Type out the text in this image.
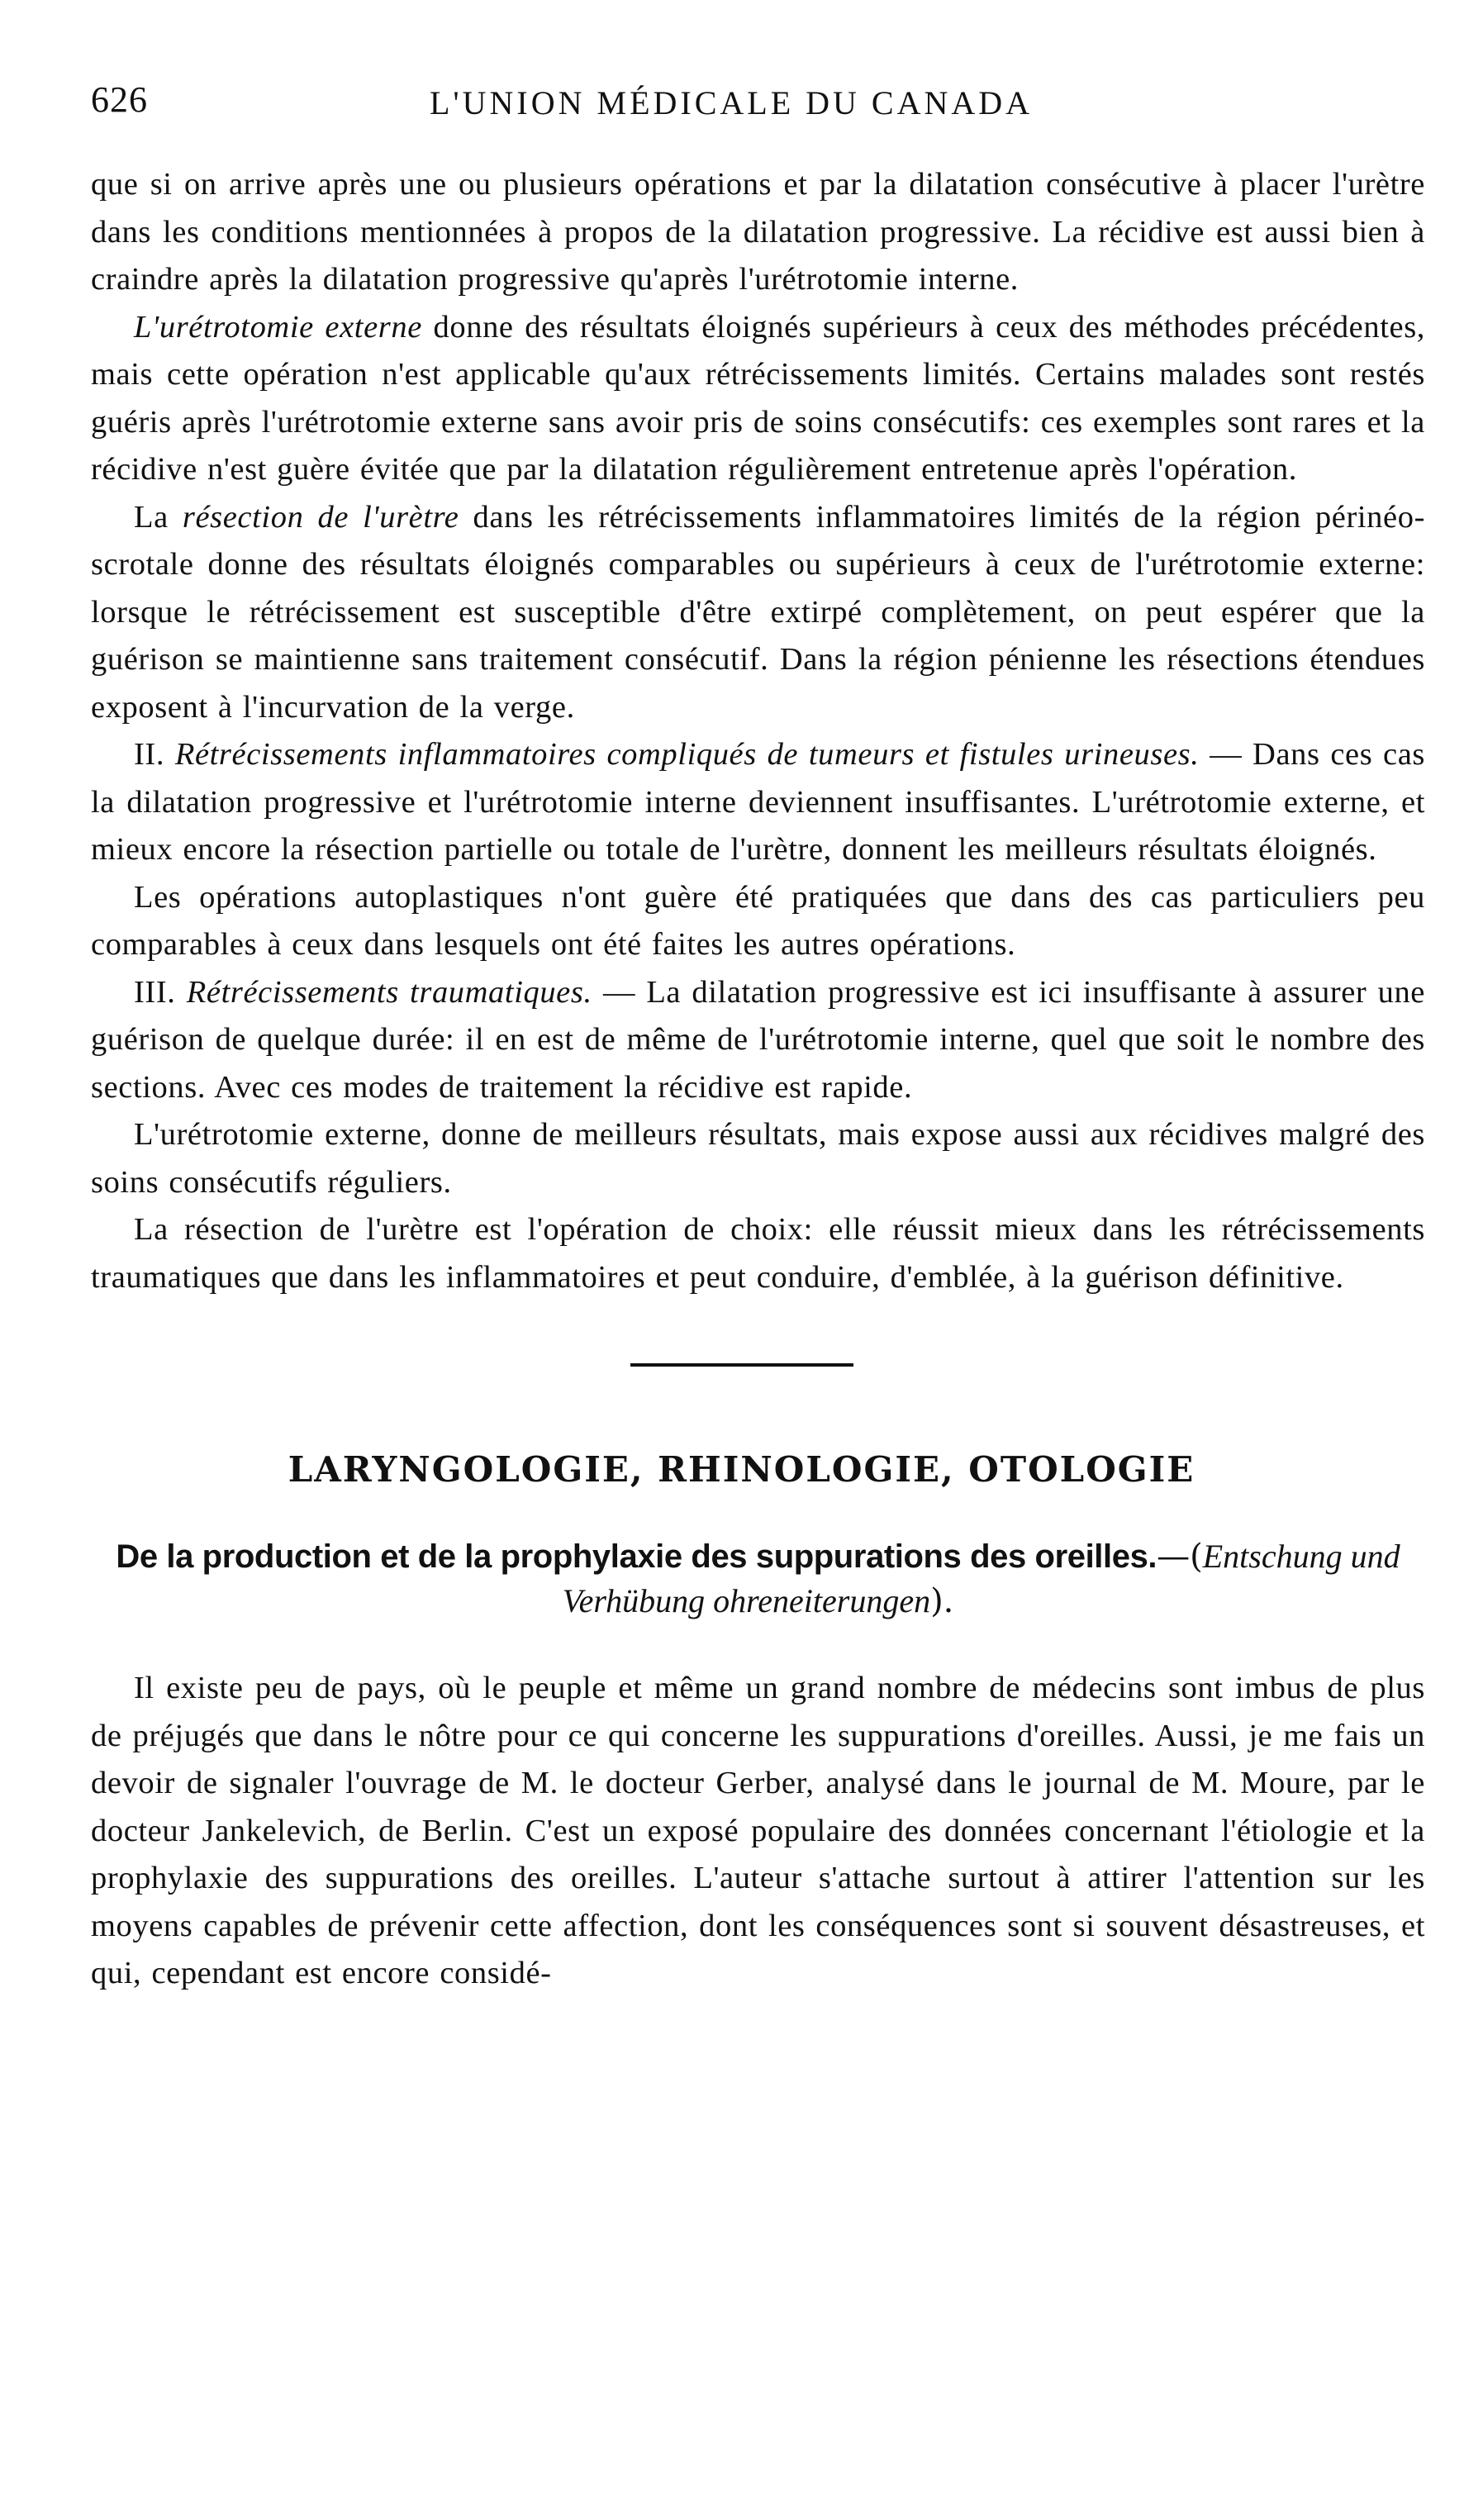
626	L'UNION MÉDICALE DU CANADA

que si on arrive après une ou plusieurs opérations et par la dilatation consécutive à placer l'urètre dans les conditions mentionnées à propos de la dilatation progressive. La récidive est aussi bien à craindre après la dilatation progressive qu'après l'urétrotomie interne.

L'urétrotomie externe donne des résultats éloignés supérieurs à ceux des méthodes précédentes, mais cette opération n'est applicable qu'aux rétrécissements limités. Certains malades sont restés guéris après l'urétrotomie externe sans avoir pris de soins consécutifs: ces exemples sont rares et la récidive n'est guère évitée que par la dilatation régulièrement entretenue après l'opération.

La résection de l'urètre dans les rétrécissements inflammatoires limités de la région périnéo-scrotale donne des résultats éloignés comparables ou supérieurs à ceux de l'urétrotomie externe: lorsque le rétrécissement est susceptible d'être extirpé complètement, on peut espérer que la guérison se maintienne sans traitement consécutif. Dans la région pénienne les résections étendues exposent à l'incurvation de la verge.

II. Rétrécissements inflammatoires compliqués de tumeurs et fistules urineuses. — Dans ces cas la dilatation progressive et l'urétrotomie interne deviennent insuffisantes. L'urétrotomie externe, et mieux encore la résection partielle ou totale de l'urètre, donnent les meilleurs résultats éloignés.

Les opérations autoplastiques n'ont guère été pratiquées que dans des cas particuliers peu comparables à ceux dans lesquels ont été faites les autres opérations.

III. Rétrécissements traumatiques. — La dilatation progressive est ici insuffisante à assurer une guérison de quelque durée: il en est de même de l'urétrotomie interne, quel que soit le nombre des sections. Avec ces modes de traitement la récidive est rapide.

L'urétrotomie externe, donne de meilleurs résultats, mais expose aussi aux récidives malgré des soins consécutifs réguliers.

La résection de l'urètre est l'opération de choix: elle réussit mieux dans les rétrécissements traumatiques que dans les inflammatoires et peut conduire, d'emblée, à la guérison définitive.

LARYNGOLOGIE, RHINOLOGIE, OTOLOGIE
De la production et de la prophylaxie des suppurations des oreilles.—(Entschung und Verhübung ohreneiterungen).

Il existe peu de pays, où le peuple et même un grand nombre de médecins sont imbus de plus de préjugés que dans le nôtre pour ce qui concerne les suppurations d'oreilles. Aussi, je me fais un devoir de signaler l'ouvrage de M. le docteur Gerber, analysé dans le journal de M. Moure, par le docteur Jankelevich, de Berlin. C'est un exposé populaire des données concernant l'étiologie et la prophylaxie des suppurations des oreilles. L'auteur s'attache surtout à attirer l'attention sur les moyens capables de prévenir cette affection, dont les conséquences sont si souvent désastreuses, et qui, cependant est encore considé-
